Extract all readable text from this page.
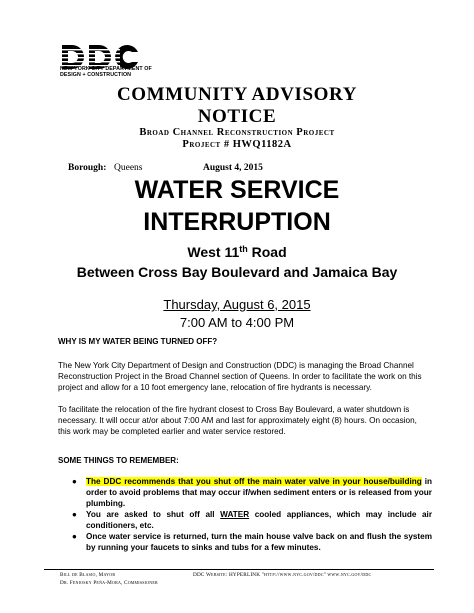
NEW YORK CITY DEPARTMENT OF
DESIGN + CONSTRUCTION
COMMUNITY ADVISORY
NOTICE
Broad Channel Reconstruction Project
Project # HWQ1182A
Borough: Queens	August 4, 2015
WATER SERVICE
INTERRUPTION
West 11th Road
Between Cross Bay Boulevard and Jamaica Bay
Thursday, August 6, 2015
7:00 AM to 4:00 PM
WHY IS MY WATER BEING TURNED OFF?
The New York City Department of Design and Construction (DDC) is managing the Broad Channel Reconstruction Project in the Broad Channel section of Queens. In order to facilitate the work on this project and allow for a 10 foot emergency lane, relocation of fire hydrants is necessary.
To facilitate the relocation of the fire hydrant closest to Cross Bay Boulevard, a water shutdown is necessary. It will occur at/or about 7:00 AM and last for approximately eight (8) hours. On occasion, this work may be completed earlier and water service restored.
SOME THINGS TO REMEMBER:
● The DDC recommends that you shut off the main water valve in your house/building in order to avoid problems that may occur if/when sediment enters or is released from your plumbing.
● You are asked to shut off all WATER cooled appliances, which may include air conditioners, etc.
● Once water service is returned, turn the main house valve back on and flush the system by running your faucets to sinks and tubs for a few minutes.
Bill de Blasio, Mayor
Dr. Feniosky Peña-Mora, Commissioner
DDC Website: HYPERLINK "http://www.nyc.gov/ddc" www.nyc.gov/ddc
